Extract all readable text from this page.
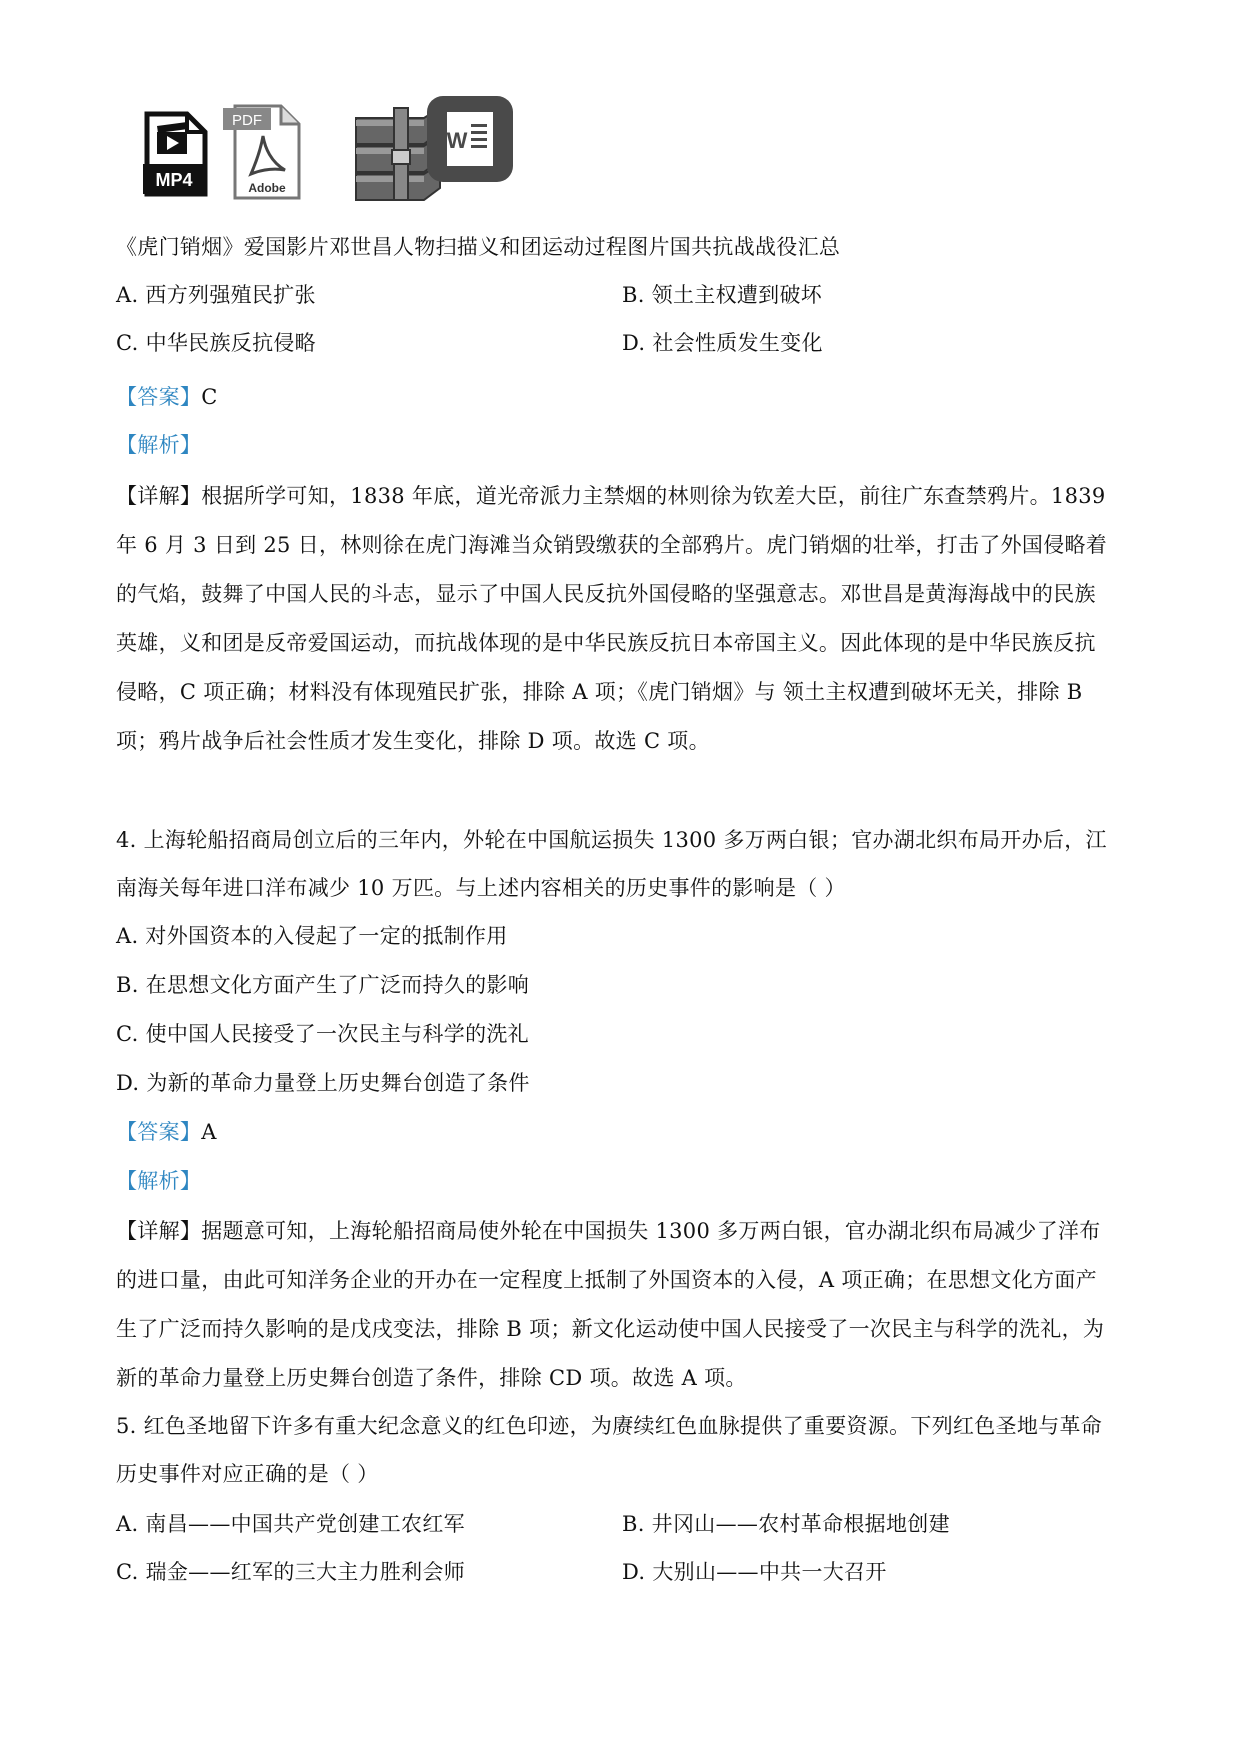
MP4
PDF
Adobe
W
《虎门销烟》爱国影片邓世昌人物扫描义和团运动过程图片国共抗战战役汇总
A. 西方列强殖民扩张	B. 领土主权遭到破坏
C. 中华民族反抗侵略	D. 社会性质发生变化
【答案】C
【解析】
【详解】根据所学可知，1838 年底，道光帝派力主禁烟的林则徐为钦差大臣，前往广东查禁鸦片。1839
年 6 月 3 日到 25 日，林则徐在虎门海滩当众销毁缴获的全部鸦片。虎门销烟的壮举，打击了外国侵略着
的气焰，鼓舞了中国人民的斗志，显示了中国人民反抗外国侵略的坚强意志。邓世昌是黄海海战中的民族
英雄，义和团是反帝爱国运动，而抗战体现的是中华民族反抗日本帝国主义。因此体现的是中华民族反抗
侵略，C 项正确；材料没有体现殖民扩张，排除 A 项；《虎门销烟》与 领土主权遭到破坏无关，排除 B
项；鸦片战争后社会性质才发生变化，排除 D 项。故选 C 项。
4. 上海轮船招商局创立后的三年内，外轮在中国航运损失 1300 多万两白银；官办湖北织布局开办后，江
南海关每年进口洋布减少 10 万匹。与上述内容相关的历史事件的影响是（ ）
A. 对外国资本的入侵起了一定的抵制作用
B. 在思想文化方面产生了广泛而持久的影响
C. 使中国人民接受了一次民主与科学的洗礼
D. 为新的革命力量登上历史舞台创造了条件
【答案】A
【解析】
【详解】据题意可知，上海轮船招商局使外轮在中国损失 1300 多万两白银，官办湖北织布局减少了洋布
的进口量，由此可知洋务企业的开办在一定程度上抵制了外国资本的入侵，A 项正确；在思想文化方面产
生了广泛而持久影响的是戊戌变法，排除 B 项；新文化运动使中国人民接受了一次民主与科学的洗礼，为
新的革命力量登上历史舞台创造了条件，排除 CD 项。故选 A 项。
5. 红色圣地留下许多有重大纪念意义的红色印迹，为赓续红色血脉提供了重要资源。下列红色圣地与革命
历史事件对应正确的是（ ）
A. 南昌——中国共产党创建工农红军	B. 井冈山——农村革命根据地创建
C. 瑞金——红军的三大主力胜利会师	D. 大别山——中共一大召开
